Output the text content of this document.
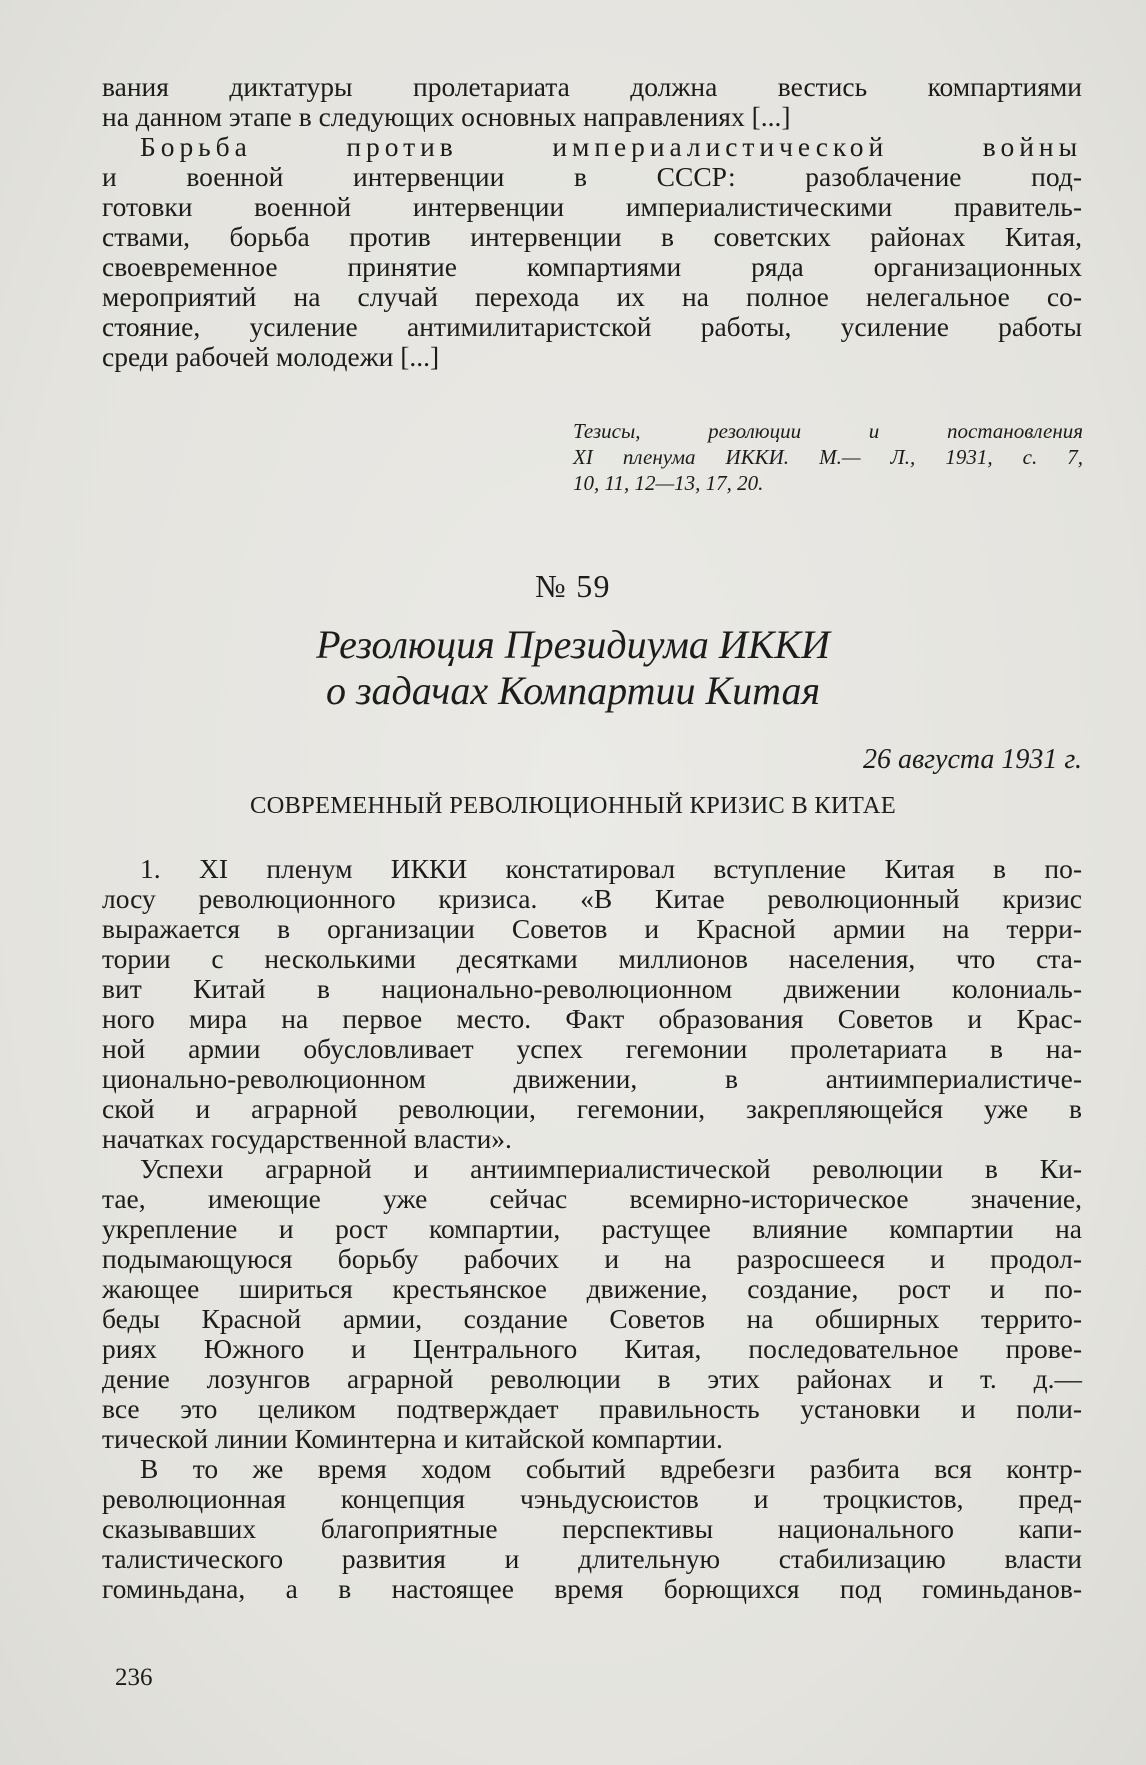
вания диктатуры пролетариата должна вестись компартиями
на данном этапе в следующих основных направлениях [...]
Борьба против империалистической войны
и военной интервенции в СССР: разоблачение под-
готовки военной интервенции империалистическими правитель-
ствами, борьба против интервенции в советских районах Китая,
своевременное принятие компартиями ряда организационных
мероприятий на случай перехода их на полное нелегальное со-
стояние, усиление антимилитаристской работы, усиление работы
среди рабочей молодежи [...]
Тезисы, резолюции и постановления
XI пленума ИККИ. М.— Л., 1931, с. 7,
10, 11, 12—13, 17, 20.
№ 59
Резолюция Президиума ИККИ
о задачах Компартии Китая
26 августа 1931 г.
СОВРЕМЕННЫЙ РЕВОЛЮЦИОННЫЙ КРИЗИС В КИТАЕ
1. XI пленум ИККИ констатировал вступление Китая в по-
лосу революционного кризиса. «В Китае революционный кризис
выражается в организации Советов и Красной армии на терри-
тории с несколькими десятками миллионов населения, что ста-
вит Китай в национально-революционном движении колониаль-
ного мира на первое место. Факт образования Советов и Крас-
ной армии обусловливает успех гегемонии пролетариата в на-
ционально-революционном движении, в антиимпериалистиче-
ской и аграрной революции, гегемонии, закрепляющейся уже в
начатках государственной власти».
Успехи аграрной и антиимпериалистической революции в Ки-
тае, имеющие уже сейчас всемирно-историческое значение,
укрепление и рост компартии, растущее влияние компартии на
подымающуюся борьбу рабочих и на разросшееся и продол-
жающее шириться крестьянское движение, создание, рост и по-
беды Красной армии, создание Советов на обширных террито-
риях Южного и Центрального Китая, последовательное прове-
дение лозунгов аграрной революции в этих районах и т. д.—
все это целиком подтверждает правильность установки и поли-
тической линии Коминтерна и китайской компартии.
В то же время ходом событий вдребезги разбита вся контр-
революционная концепция чэньдусюистов и троцкистов, пред-
сказывавших благоприятные перспективы национального капи-
талистического развития и длительную стабилизацию власти
гоминьдана, а в настоящее время борющихся под гоминьданов-
236
